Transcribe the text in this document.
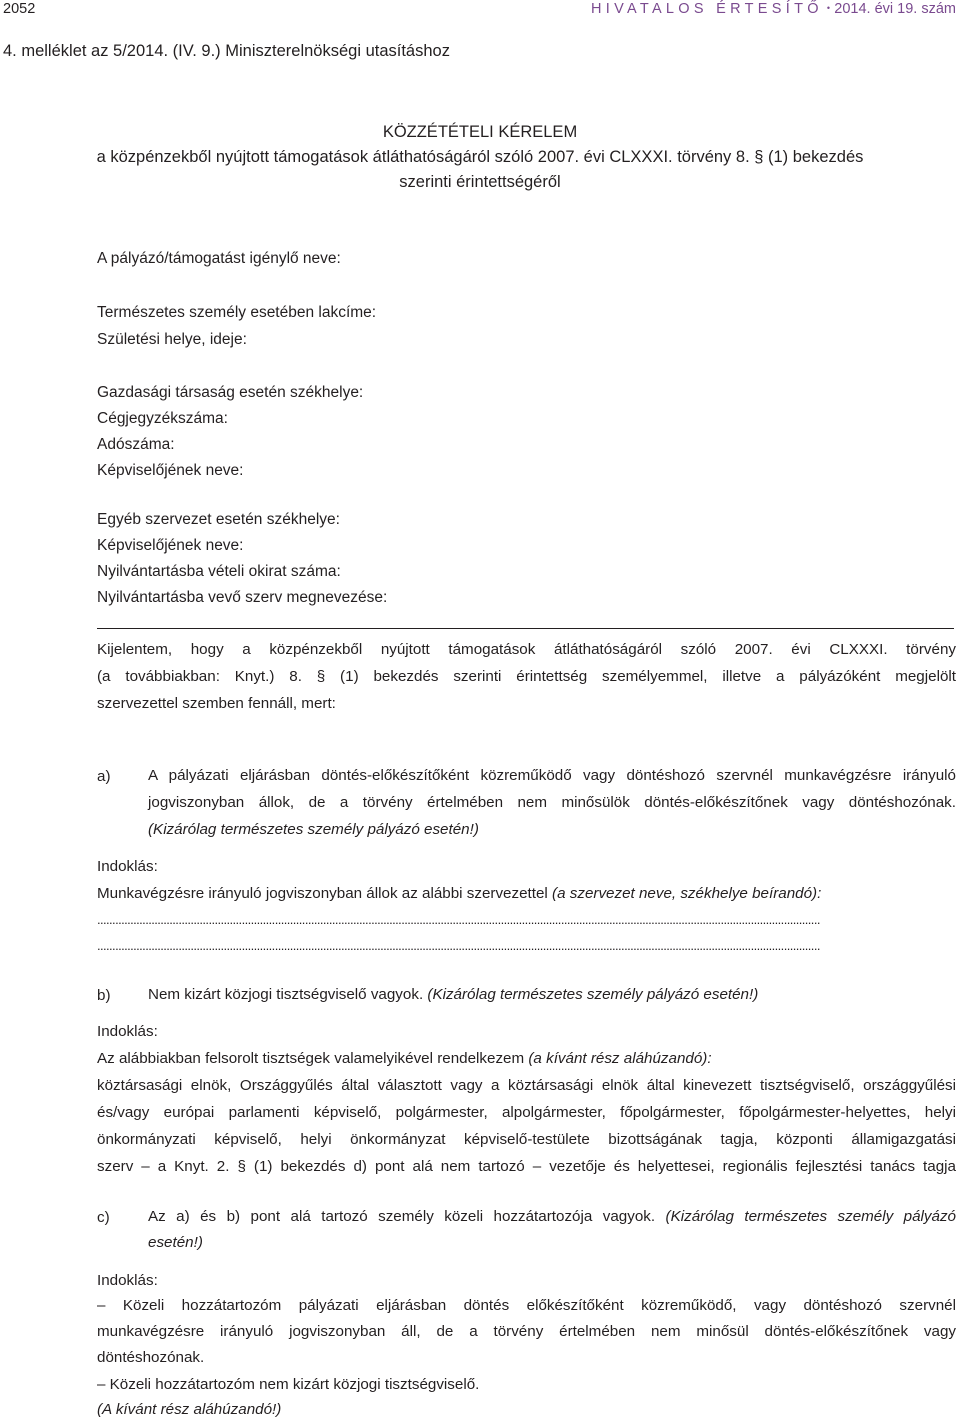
2052	HIVATALOS ÉRTESÍTŐ • 2014. évi 19. szám
4. melléklet az 5/2014. (IV. 9.) Miniszterelnökségi utasításhoz
KÖZZÉTÉTELI KÉRELEM
a közpénzekből nyújtott támogatások átláthatóságáról szóló 2007. évi CLXXXI. törvény 8. § (1) bekezdés
szerinti érintettségéről
A pályázó/támogatást igénylő neve:
Természetes személy esetében lakcíme:
Születési helye, ideje:
Gazdasági társaság esetén székhelye:
Cégjegyzékszáma:
Adószáma:
Képviselőjének neve:
Egyéb szervezet esetén székhelye:
Képviselőjének neve:
Nyilvántartásba vételi okirat száma:
Nyilvántartásba vevő szerv megnevezése:
Kijelentem, hogy a közpénzekből nyújtott támogatások átláthatóságáról szóló 2007. évi CLXXXI. törvény
(a továbbiakban: Knyt.) 8. § (1) bekezdés szerinti érintettség személyemmel, illetve a pályázóként megjelölt
szervezettel szemben fennáll, mert:
a) A pályázati eljárásban döntés-előkészítőként közreműködő vagy döntéshozó szervnél munkavégzésre irányuló
jogviszonyban állok, de a törvény értelmében nem minősülök döntés-előkészítőnek vagy döntéshozónak.
(Kizárólag természetes személy pályázó esetén!)
Indoklás:
Munkavégzésre irányuló jogviszonyban állok az alábbi szervezettel (a szervezet neve, székhelye beírandó):
................................................................................................................................................................................................................................................
................................................................................................................................................................................................................................................
b) Nem kizárt közjogi tisztségviselő vagyok. (Kizárólag természetes személy pályázó esetén!)
Indoklás:
Az alábbiakban felsorolt tisztségek valamelyikével rendelkezem (a kívánt rész aláhúzandó):
köztársasági elnök, Országgyűlés által választott vagy a köztársasági elnök által kinevezett tisztségviselő, országgyűlési
és/vagy európai parlamenti képviselő, polgármester, alpolgármester, főpolgármester, főpolgármester-helyettes, helyi
önkormányzati képviselő, helyi önkormányzat képviselő-testülete bizottságának tagja, központi államigazgatási
szerv – a Knyt. 2. § (1) bekezdés d) pont alá nem tartozó – vezetője és helyettesei, regionális fejlesztési tanács tagja
c)	Az a) és b) pont alá tartozó személy közeli hozzátartozója vagyok. (Kizárólag természetes személy pályázó
esetén!)
Indoklás:
– Közeli hozzátartozóm pályázati eljárásban döntés előkészítőként közreműködő, vagy döntéshozó szervnél
munkavégzésre irányuló jogviszonyban áll, de a törvény értelmében nem minősül döntés-előkészítőnek vagy
döntéshozónak.
– Közeli hozzátartozóm nem kizárt közjogi tisztségviselő.
(A kívánt rész aláhúzandó!)
